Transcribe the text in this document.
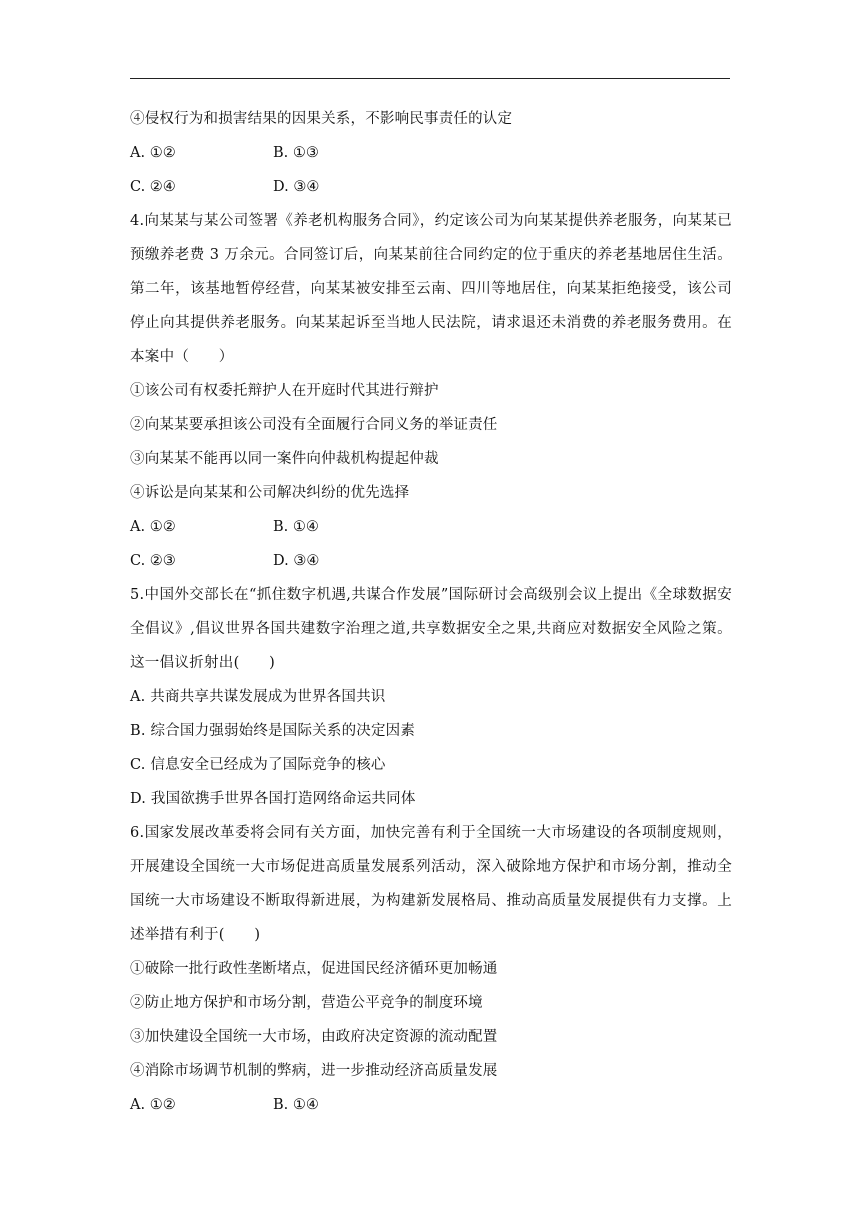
④侵权行为和损害结果的因果关系，不影响民事责任的认定
A. ①②	B. ①③
C. ②④	D. ③④
4.向某某与某公司签署《养老机构服务合同》，约定该公司为向某某提供养老服务，向某某已预缴养老费 3 万余元。合同签订后，向某某前往合同约定的位于重庆的养老基地居住生活。第二年，该基地暂停经营，向某某被安排至云南、四川等地居住，向某某拒绝接受，该公司停止向其提供养老服务。向某某起诉至当地人民法院，请求退还未消费的养老服务费用。在本案中（　　）
①该公司有权委托辩护人在开庭时代其进行辩护
②向某某要承担该公司没有全面履行合同义务的举证责任
③向某某不能再以同一案件向仲裁机构提起仲裁
④诉讼是向某某和公司解决纠纷的优先选择
A. ①②	B. ①④
C. ②③	D. ③④
5.中国外交部长在“抓住数字机遇,共谋合作发展”国际研讨会高级别会议上提出《全球数据安全倡议》,倡议世界各国共建数字治理之道,共享数据安全之果,共商应对数据安全风险之策。这一倡议折射出(　　)
A. 共商共享共谋发展成为世界各国共识
B. 综合国力强弱始终是国际关系的决定因素
C. 信息安全已经成为了国际竞争的核心
D. 我国欲携手世界各国打造网络命运共同体
6.国家发展改革委将会同有关方面，加快完善有利于全国统一大市场建设的各项制度规则，开展建设全国统一大市场促进高质量发展系列活动，深入破除地方保护和市场分割，推动全国统一大市场建设不断取得新进展，为构建新发展格局、推动高质量发展提供有力支撑。上述举措有利于(　　)
①破除一批行政性垄断堵点，促进国民经济循环更加畅通
②防止地方保护和市场分割，营造公平竞争的制度环境
③加快建设全国统一大市场，由政府决定资源的流动配置
④消除市场调节机制的弊病，进一步推动经济高质量发展
A. ①②	B. ①④
